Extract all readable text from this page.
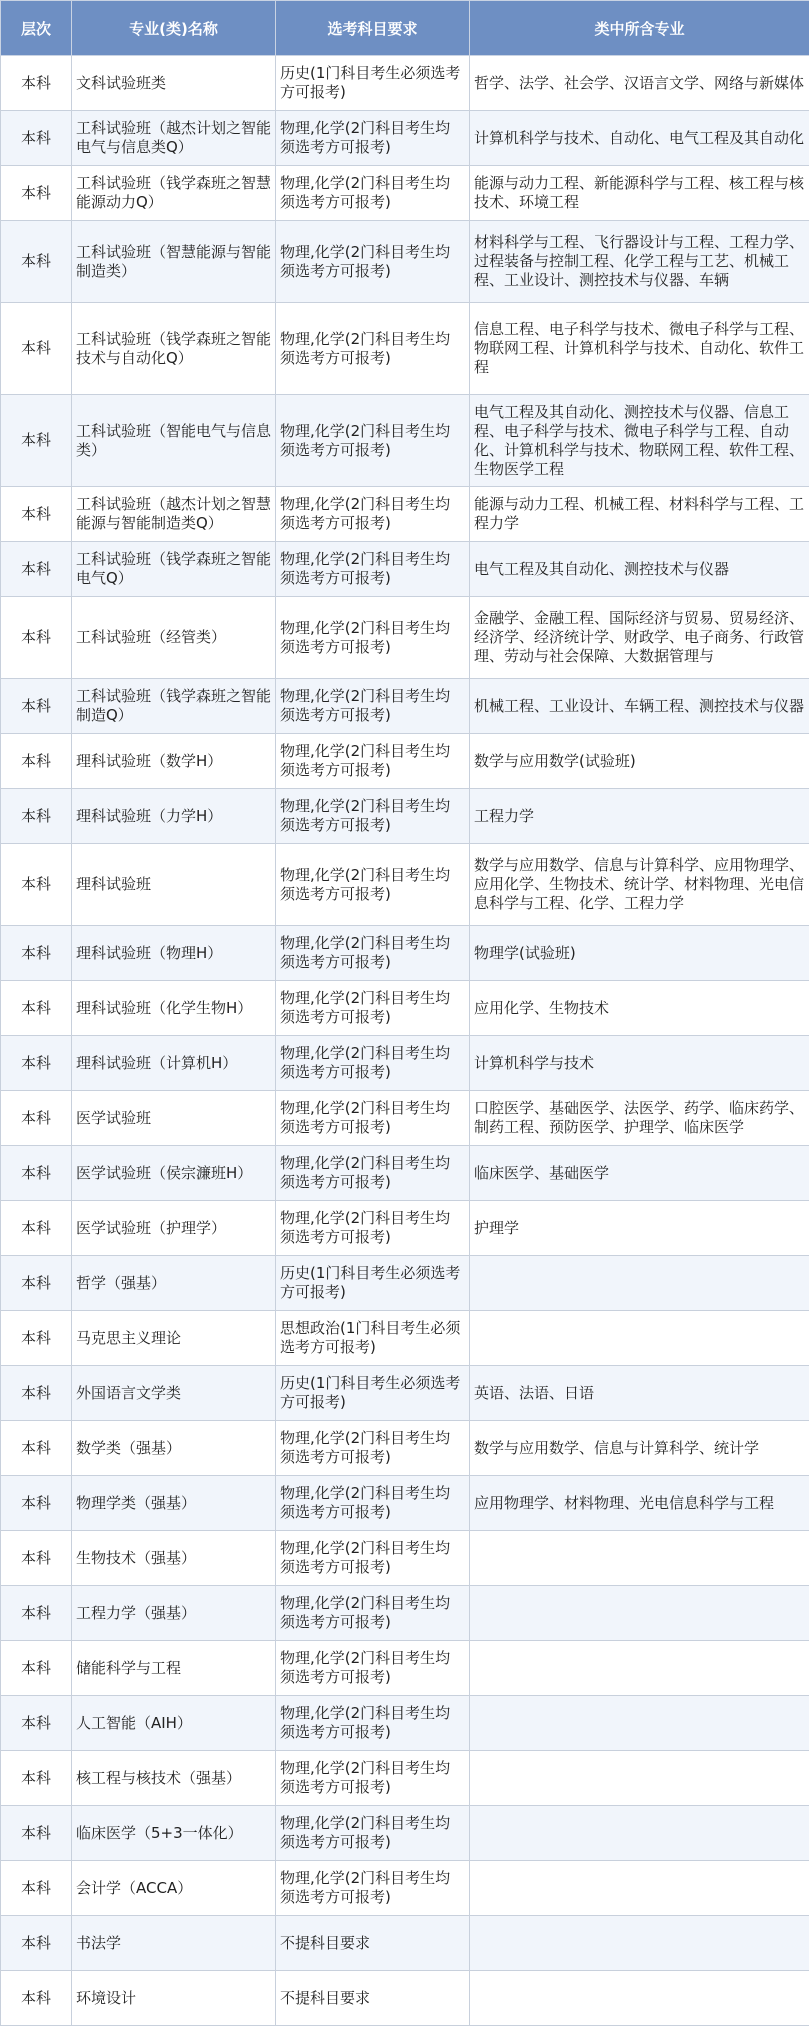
层次	专业(类)名称	选考科目要求	类中所含专业

本科	文科试验班类	历史(1门科目考生必须选考方可报考)	哲学、法学、社会学、汉语言文学、网络与新媒体

本科	工科试验班（越杰计划之智能电气与信息类Q）	物理,化学(2门科目考生均须选考方可报考)	计算机科学与技术、自动化、电气工程及其自动化

本科	工科试验班（钱学森班之智慧能源动力Q）	物理,化学(2门科目考生均须选考方可报考)	能源与动力工程、新能源科学与工程、核工程与核技术、环境工程

本科	工科试验班（智慧能源与智能制造类）	物理,化学(2门科目考生均须选考方可报考)	材料科学与工程、飞行器设计与工程、工程力学、过程装备与控制工程、化学工程与工艺、机械工程、工业设计、测控技术与仪器、车辆

本科	工科试验班（钱学森班之智能技术与自动化Q）	物理,化学(2门科目考生均须选考方可报考)	信息工程、电子科学与技术、微电子科学与工程、物联网工程、计算机科学与技术、自动化、软件工程

本科	工科试验班（智能电气与信息类）	物理,化学(2门科目考生均须选考方可报考)	电气工程及其自动化、测控技术与仪器、信息工程、电子科学与技术、微电子科学与工程、自动化、计算机科学与技术、物联网工程、软件工程、生物医学工程

本科	工科试验班（越杰计划之智慧能源与智能制造类Q）	物理,化学(2门科目考生均须选考方可报考)	能源与动力工程、机械工程、材料科学与工程、工程力学

本科	工科试验班（钱学森班之智能电气Q）	物理,化学(2门科目考生均须选考方可报考)	电气工程及其自动化、测控技术与仪器

本科	工科试验班（经管类）	物理,化学(2门科目考生均须选考方可报考)	金融学、金融工程、国际经济与贸易、贸易经济、经济学、经济统计学、财政学、电子商务、行政管理、劳动与社会保障、大数据管理与

本科	工科试验班（钱学森班之智能制造Q）	物理,化学(2门科目考生均须选考方可报考)	机械工程、工业设计、车辆工程、测控技术与仪器

本科	理科试验班（数学H）	物理,化学(2门科目考生均须选考方可报考)	数学与应用数学(试验班)

本科	理科试验班（力学H）	物理,化学(2门科目考生均须选考方可报考)	工程力学

本科	理科试验班	物理,化学(2门科目考生均须选考方可报考)	数学与应用数学、信息与计算科学、应用物理学、应用化学、生物技术、统计学、材料物理、光电信息科学与工程、化学、工程力学

本科	理科试验班（物理H）	物理,化学(2门科目考生均须选考方可报考)	物理学(试验班)

本科	理科试验班（化学生物H）	物理,化学(2门科目考生均须选考方可报考)	应用化学、生物技术

本科	理科试验班（计算机H）	物理,化学(2门科目考生均须选考方可报考)	计算机科学与技术

本科	医学试验班	物理,化学(2门科目考生均须选考方可报考)	口腔医学、基础医学、法医学、药学、临床药学、制药工程、预防医学、护理学、临床医学

本科	医学试验班（侯宗濂班H）	物理,化学(2门科目考生均须选考方可报考)	临床医学、基础医学

本科	医学试验班（护理学）	物理,化学(2门科目考生均须选考方可报考)	护理学

本科	哲学（强基）	历史(1门科目考生必须选考方可报考)	

本科	马克思主义理论	思想政治(1门科目考生必须选考方可报考)	

本科	外国语言文学类	历史(1门科目考生必须选考方可报考)	英语、法语、日语

本科	数学类（强基）	物理,化学(2门科目考生均须选考方可报考)	数学与应用数学、信息与计算科学、统计学

本科	物理学类（强基）	物理,化学(2门科目考生均须选考方可报考)	应用物理学、材料物理、光电信息科学与工程

本科	生物技术（强基）	物理,化学(2门科目考生均须选考方可报考)	

本科	工程力学（强基）	物理,化学(2门科目考生均须选考方可报考)	

本科	储能科学与工程	物理,化学(2门科目考生均须选考方可报考)	

本科	人工智能（AIH）	物理,化学(2门科目考生均须选考方可报考)	

本科	核工程与核技术（强基）	物理,化学(2门科目考生均须选考方可报考)	

本科	临床医学（5+3一体化）	物理,化学(2门科目考生均须选考方可报考)	

本科	会计学（ACCA）	物理,化学(2门科目考生均须选考方可报考)	

本科	书法学	不提科目要求	

本科	环境设计	不提科目要求	
